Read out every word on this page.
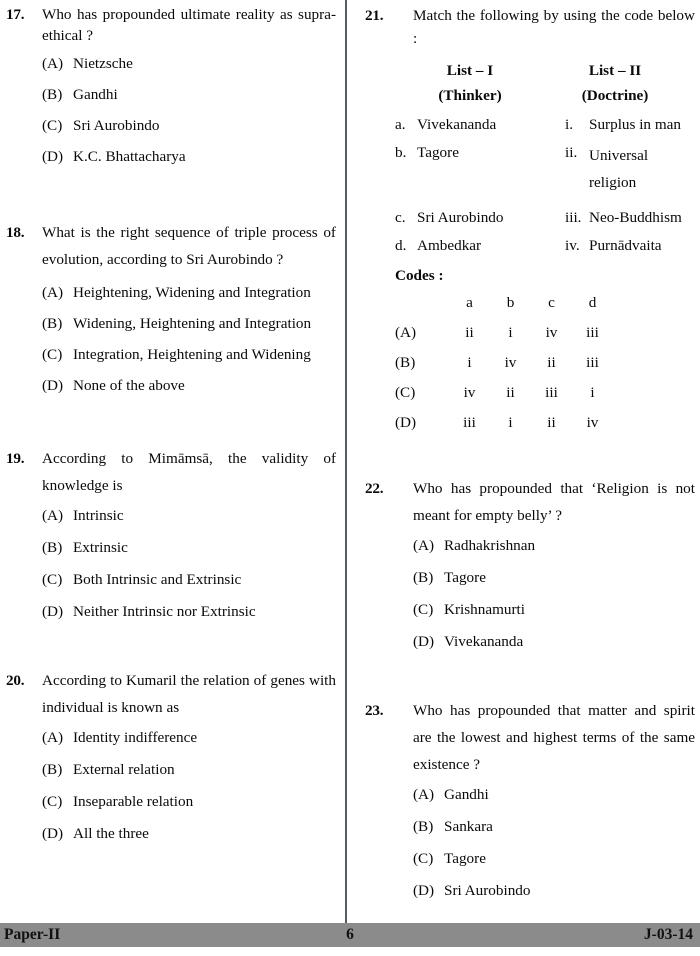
17. Who has propounded ultimate reality as supra-ethical ?

(A) Nietzsche
(B) Gandhi
(C) Sri Aurobindo
(D) K.C. Bhattacharya
18. What is the right sequence of triple process of evolution, according to Sri Aurobindo ?

(A) Heightening, Widening and Integration
(B) Widening, Heightening and Integration
(C) Integration, Heightening and Widening
(D) None of the above
19. According to Mimāmsā, the validity of knowledge is

(A) Intrinsic
(B) Extrinsic
(C) Both Intrinsic and Extrinsic
(D) Neither Intrinsic nor Extrinsic
20. According to Kumaril the relation of genes with individual is known as

(A) Identity indifference
(B) External relation
(C) Inseparable relation
(D) All the three
21. Match the following by using the code below :

List – I	List – II
(Thinker)	(Doctrine)
a. Vivekananda	i.	Surplus in man
b. Tagore	ii. Universal religion
c. Sri Aurobindo	iii. Neo-Buddhism
d. Ambedkar	iv. Purnādvaita
Codes :
a	b	c	d
(A)	ii	i	iv	iii
(B)	i	iv	ii	iii
(C)	iv	ii	iii	i
(D)	iii	i	ii	iv
22. Who has propounded that ‘Religion is not meant for empty belly’ ?

(A) Radhakrishnan
(B) Tagore
(C) Krishnamurti
(D) Vivekananda
23. Who has propounded that matter and spirit are the lowest and highest terms of the same existence ?

(A) Gandhi
(B) Sankara
(C) Tagore
(D) Sri Aurobindo
Paper-II	6	J-03-14
